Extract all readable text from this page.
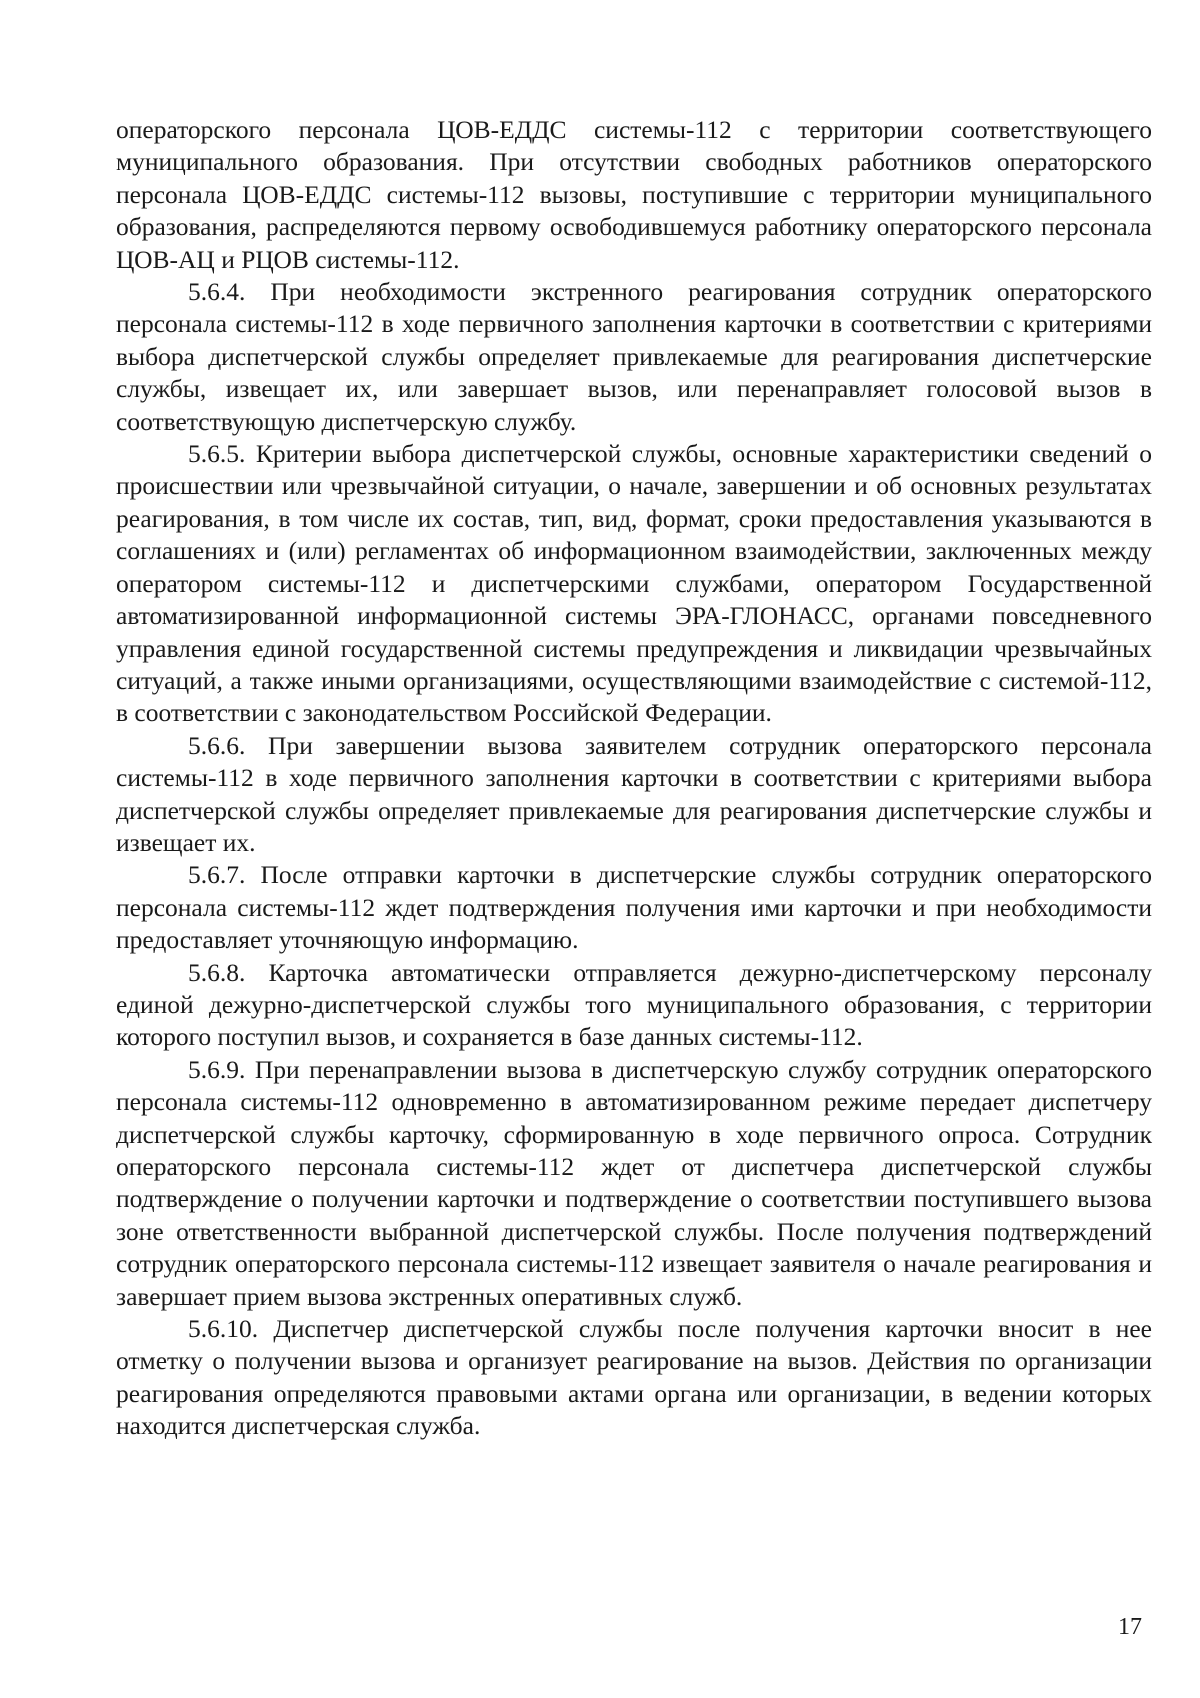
операторского персонала ЦОВ-ЕДДС системы-112 с территории соответствующего муниципального образования. При отсутствии свободных работников операторского персонала ЦОВ-ЕДДС системы-112 вызовы, поступившие с территории муниципального образования, распределяются первому освободившемуся работнику операторского персонала ЦОВ-АЦ и РЦОВ системы-112.

5.6.4. При необходимости экстренного реагирования сотрудник операторского персонала системы-112 в ходе первичного заполнения карточки в соответствии с критериями выбора диспетчерской службы определяет привлекаемые для реагирования диспетчерские службы, извещает их, или завершает вызов, или перенаправляет голосовой вызов в соответствующую диспетчерскую службу.

5.6.5. Критерии выбора диспетчерской службы, основные характеристики сведений о происшествии или чрезвычайной ситуации, о начале, завершении и об основных результатах реагирования, в том числе их состав, тип, вид, формат, сроки предоставления указываются в соглашениях и (или) регламентах об информационном взаимодействии, заключенных между оператором системы-112 и диспетчерскими службами, оператором Государственной автоматизированной информационной системы ЭРА-ГЛОНАСС, органами повседневного управления единой государственной системы предупреждения и ликвидации чрезвычайных ситуаций, а также иными организациями, осуществляющими взаимодействие с системой-112, в соответствии с законодательством Российской Федерации.

5.6.6. При завершении вызова заявителем сотрудник операторского персонала системы-112 в ходе первичного заполнения карточки в соответствии с критериями выбора диспетчерской службы определяет привлекаемые для реагирования диспетчерские службы и извещает их.

5.6.7. После отправки карточки в диспетчерские службы сотрудник операторского персонала системы-112 ждет подтверждения получения ими карточки и при необходимости предоставляет уточняющую информацию.

5.6.8. Карточка автоматически отправляется дежурно-диспетчерскому персоналу единой дежурно-диспетчерской службы того муниципального образования, с территории которого поступил вызов, и сохраняется в базе данных системы-112.

5.6.9. При перенаправлении вызова в диспетчерскую службу сотрудник операторского персонала системы-112 одновременно в автоматизированном режиме передает диспетчеру диспетчерской службы карточку, сформированную в ходе первичного опроса. Сотрудник операторского персонала системы-112 ждет от диспетчера диспетчерской службы подтверждение о получении карточки и подтверждение о соответствии поступившего вызова зоне ответственности выбранной диспетчерской службы. После получения подтверждений сотрудник операторского персонала системы-112 извещает заявителя о начале реагирования и завершает прием вызова экстренных оперативных служб.

5.6.10. Диспетчер диспетчерской службы после получения карточки вносит в нее отметку о получении вызова и организует реагирование на вызов. Действия по организации реагирования определяются правовыми актами органа или организации, в ведении которых находится диспетчерская служба.

17
